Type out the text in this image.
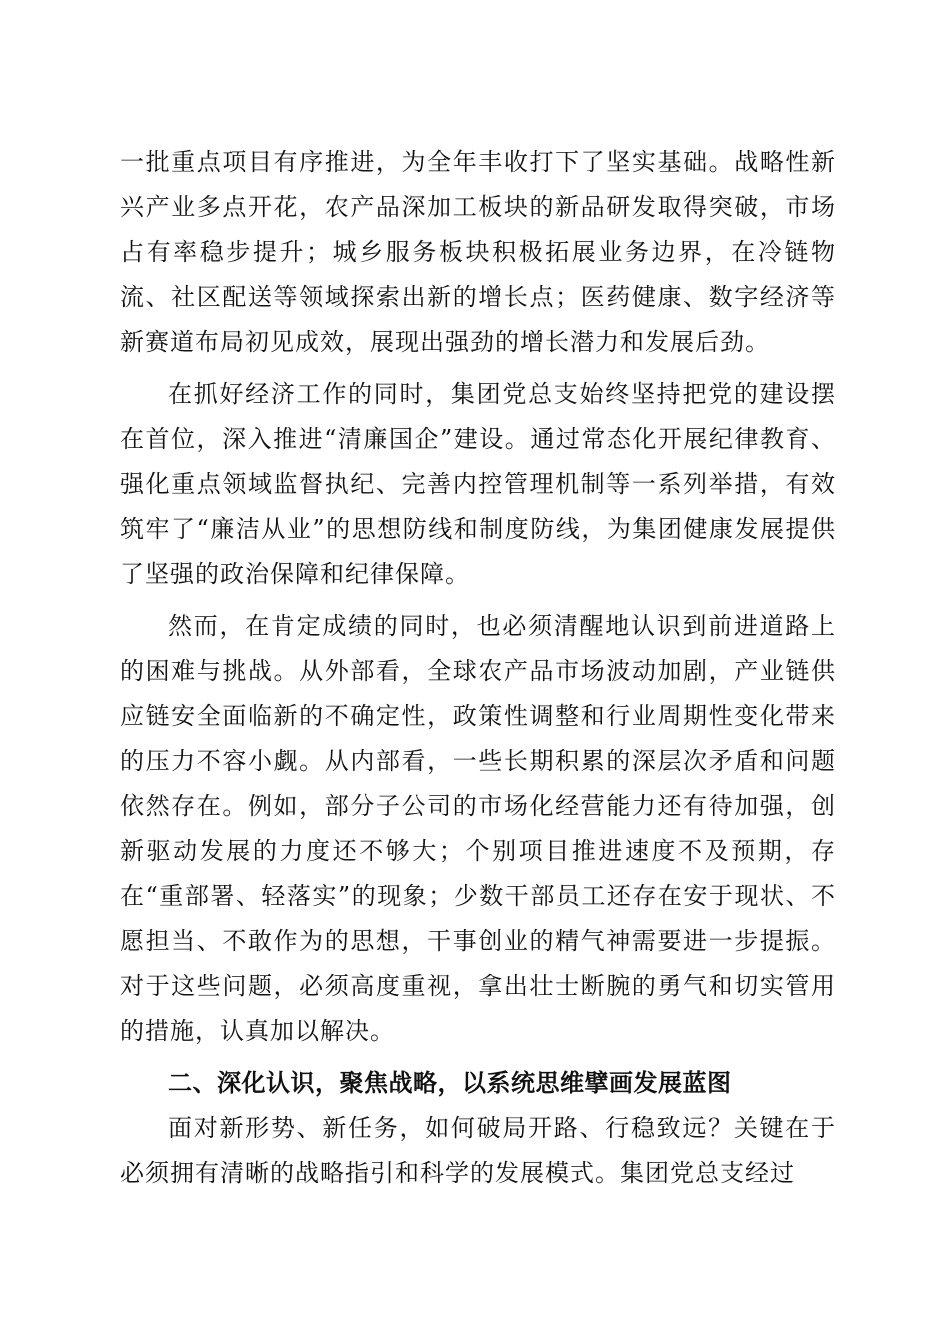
一批重点项目有序推进，为全年丰收打下了坚实基础。战略性新兴产业多点开花，农产品深加工板块的新品研发取得突破，市场占有率稳步提升；城乡服务板块积极拓展业务边界，在冷链物流、社区配送等领域探索出新的增长点；医药健康、数字经济等新赛道布局初见成效，展现出强劲的增长潜力和发展后劲。

在抓好经济工作的同时，集团党总支始终坚持把党的建设摆在首位，深入推进“清廉国企”建设。通过常态化开展纪律教育、强化重点领域监督执纪、完善内控管理机制等一系列举措，有效筑牢了“廉洁从业”的思想防线和制度防线，为集团健康发展提供了坚强的政治保障和纪律保障。

然而，在肯定成绩的同时，也必须清醒地认识到前进道路上的困难与挑战。从外部看，全球农产品市场波动加剧，产业链供应链安全面临新的不确定性，政策性调整和行业周期性变化带来的压力不容小觑。从内部看，一些长期积累的深层次矛盾和问题依然存在。例如，部分子公司的市场化经营能力还有待加强，创新驱动发展的力度还不够大；个别项目推进速度不及预期，存在“重部署、轻落实”的现象；少数干部员工还存在安于现状、不愿担当、不敢作为的思想，干事创业的精气神需要进一步提振。对于这些问题，必须高度重视，拿出壮士断腕的勇气和切实管用的措施，认真加以解决。

二、深化认识，聚焦战略，以系统思维擘画发展蓝图

面对新形势、新任务，如何破局开路、行稳致远？关键在于必须拥有清晰的战略指引和科学的发展模式。集团党总支经过
